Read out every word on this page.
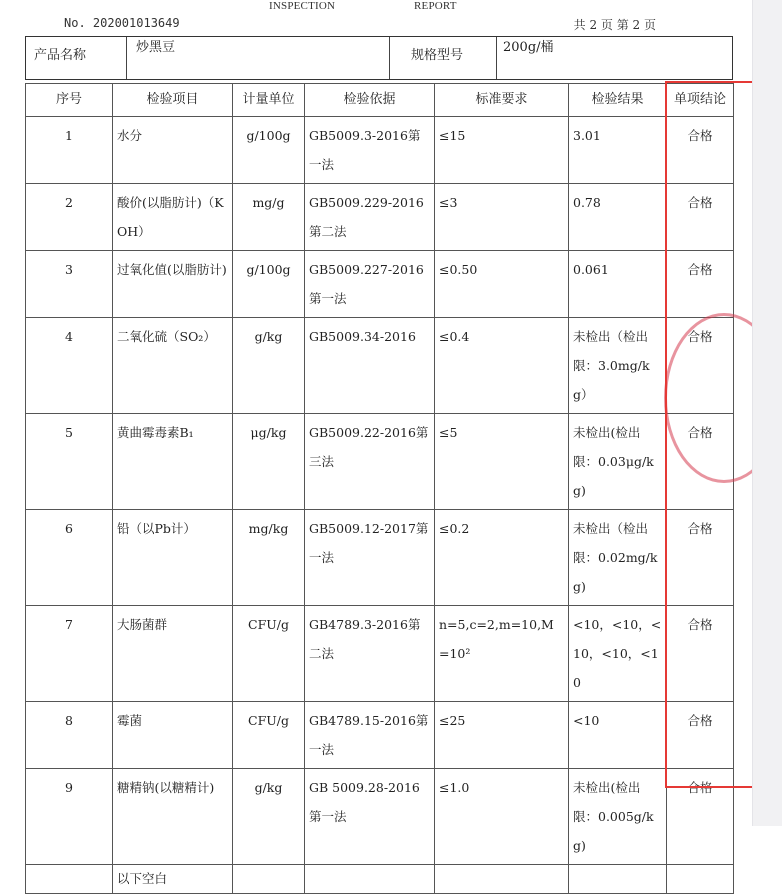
INSPECTION	REPORT
No. 202001013649	共 2 页 第 2 页
产品名称
炒黑豆
规格型号
200g/桶
序号	检验项目	计量单位	检验依据	标准要求	检验结果	单项结论
1	水分	g/100g	GB5009.3-2016第一法	≤15	3.01	合格
2	酸价(以脂肪计)（KOH）	mg/g	GB5009.229-2016第二法	≤3	0.78	合格
3	过氧化值(以脂肪计)	g/100g	GB5009.227-2016第一法	≤0.50	0.061	合格
4	二氧化硫（SO₂）	g/kg	GB5009.34-2016	≤0.4	未检出（检出限：3.0mg/kg）	合格
5	黄曲霉毒素B₁	μg/kg	GB5009.22-2016第三法	≤5	未检出(检出限：0.03μg/kg)	合格
6	铅（以Pb计）	mg/kg	GB5009.12-2017第一法	≤0.2	未检出（检出限：0.02mg/kg)	合格
7	大肠菌群	CFU/g	GB4789.3-2016第二法	n=5,c=2,m=10,M=10²	<10，<10，<10，<10，<10	合格
8	霉菌	CFU/g	GB4789.15-2016第一法	≤25	<10	合格
9	糖精钠(以糖精计)	g/kg	GB 5009.28-2016第一法	≤1.0	未检出(检出限：0.005g/kg)	合格
	以下空白					
